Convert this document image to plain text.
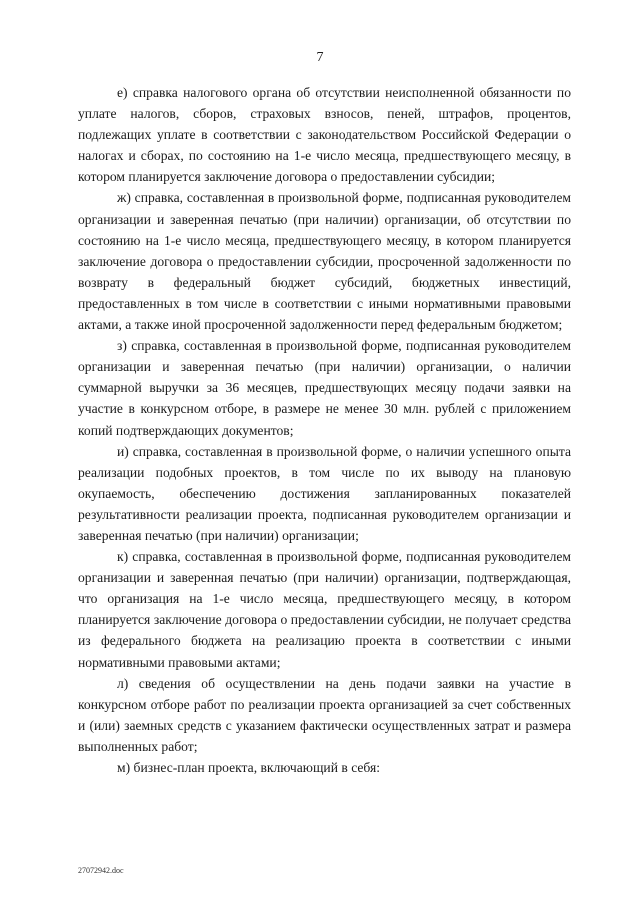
7

е) справка налогового органа об отсутствии неисполненной обязанности по уплате налогов, сборов, страховых взносов, пеней, штрафов, процентов, подлежащих уплате в соответствии с законодательством Российской Федерации о налогах и сборах, по состоянию на 1-е число месяца, предшествующего месяцу, в котором планируется заключение договора о предоставлении субсидии;

ж) справка, составленная в произвольной форме, подписанная руководителем организации и заверенная печатью (при наличии) организации, об отсутствии по состоянию на 1-е число месяца, предшествующего месяцу, в котором планируется заключение договора о предоставлении субсидии, просроченной задолженности по возврату в федеральный бюджет субсидий, бюджетных инвестиций, предоставленных в том числе в соответствии с иными нормативными правовыми актами, а также иной просроченной задолженности перед федеральным бюджетом;

з) справка, составленная в произвольной форме, подписанная руководителем организации и заверенная печатью (при наличии) организации, о наличии суммарной выручки за 36 месяцев, предшествующих месяцу подачи заявки на участие в конкурсном отборе, в размере не менее 30 млн. рублей с приложением копий подтверждающих документов;

и) справка, составленная в произвольной форме, о наличии успешного опыта реализации подобных проектов, в том числе по их выводу на плановую окупаемость, обеспечению достижения запланированных показателей результативности реализации проекта, подписанная руководителем организации и заверенная печатью (при наличии) организации;

к) справка, составленная в произвольной форме, подписанная руководителем организации и заверенная печатью (при наличии) организации, подтверждающая, что организация на 1-е число месяца, предшествующего месяцу, в котором планируется заключение договора о предоставлении субсидии, не получает средства из федерального бюджета на реализацию проекта в соответствии с иными нормативными правовыми актами;

л) сведения об осуществлении на день подачи заявки на участие в конкурсном отборе работ по реализации проекта организацией за счет собственных и (или) заемных средств с указанием фактически осуществленных затрат и размера выполненных работ;

м) бизнес-план проекта, включающий в себя:

27072942.doc
